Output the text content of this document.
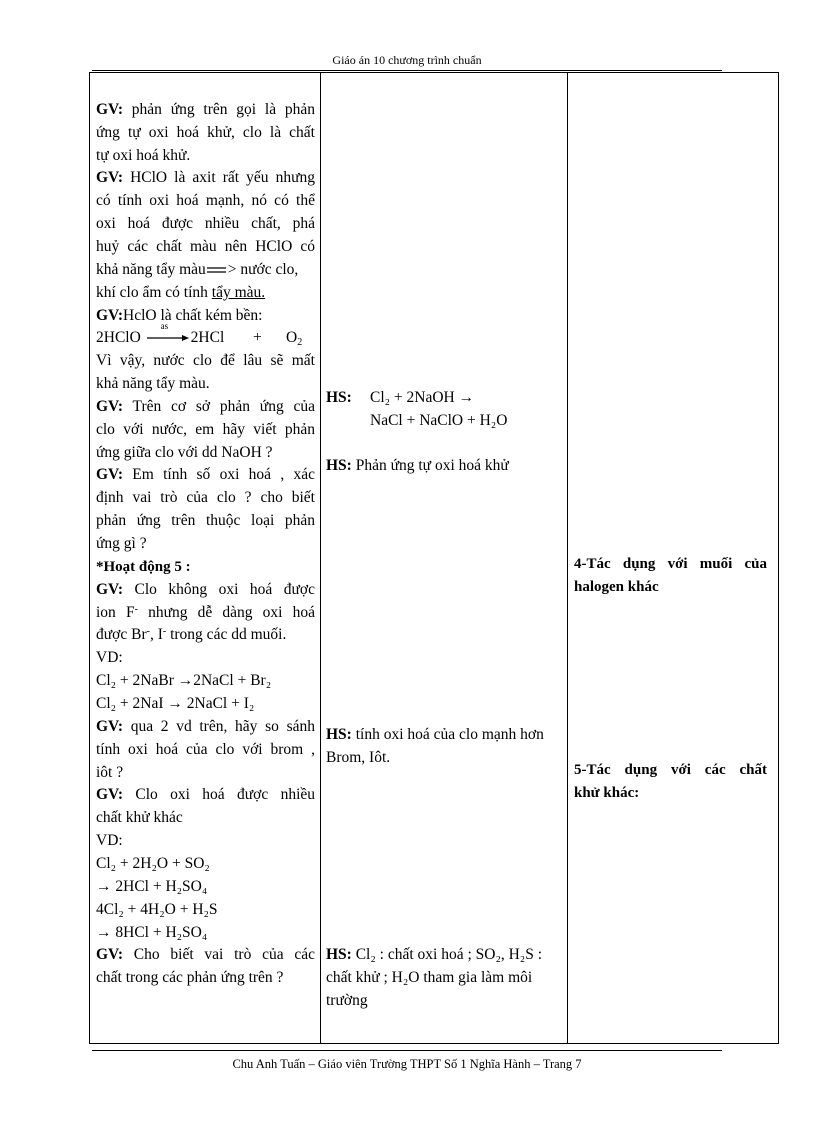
Giáo án 10 chương trình chuẩn
GV: phản ứng trên gọi là phản
ứng tự oxi hoá khử, clo là chất
tự oxi hoá khử.
GV: HClO là axit rất yếu nhưng
có tính oxi hoá mạnh, nó có thể
oxi hoá được nhiều chất, phá
huỷ các chất màu nên HClO có
khả năng tẩy màu > nước clo,
khí clo ẩm có tính tẩy màu.
GV:HclO là chất kém bền:
2HClO
as
$2HCl + O_2$
Vì vậy, nước clo để lâu sẽ mất
khả năng tẩy màu.
GV: Trên cơ sở phản ứng của
clo với nước, em hãy viết phản
ứng giữa clo với dd NaOH ?
GV: Em tính số oxi hoá , xác
định vai trò của clo ? cho biết
phản ứng trên thuộc loại phản
ứng gì ?
*Hoạt động 5 :
GV: Clo không oxi hoá được
ion F- nhưng dễ dàng oxi hoá
được Br-, I- trong các dd muối.
VD:
Cl₂ + 2NaBr →2NaCl + Br₂
Cl₂ + 2NaI → 2NaCl + I₂
GV: qua 2 vd trên, hãy so sánh
tính oxi hoá của clo với brom ,
iôt ?
GV: Clo oxi hoá được nhiều
chất khử khác
VD:
Cl₂ + 2H₂O + SO₂
→ 2HCl + H₂SO₄
4Cl₂ + 4H₂O + H₂S
→ 8HCl + H₂SO₄
GV: Cho biết vai trò của các
chất trong các phản ứng trên ?

HS: Cl₂ + 2NaOH →
NaCl + NaClO + H₂O
HS: Phản ứng tự oxi hoá khử
HS: tính oxi hoá của clo mạnh hơn
Brom, Iôt.
HS: Cl₂ : chất oxi hoá ; SO₂, H₂S :
chất khử ; H₂O tham gia làm môi
trường

4-Tác dụng với muối của
halogen khác
5-Tác dụng với các chất
khử khác:
Chu Anh Tuấn – Giáo viên Trường THPT Số 1 Nghĩa Hành – Trang 7
